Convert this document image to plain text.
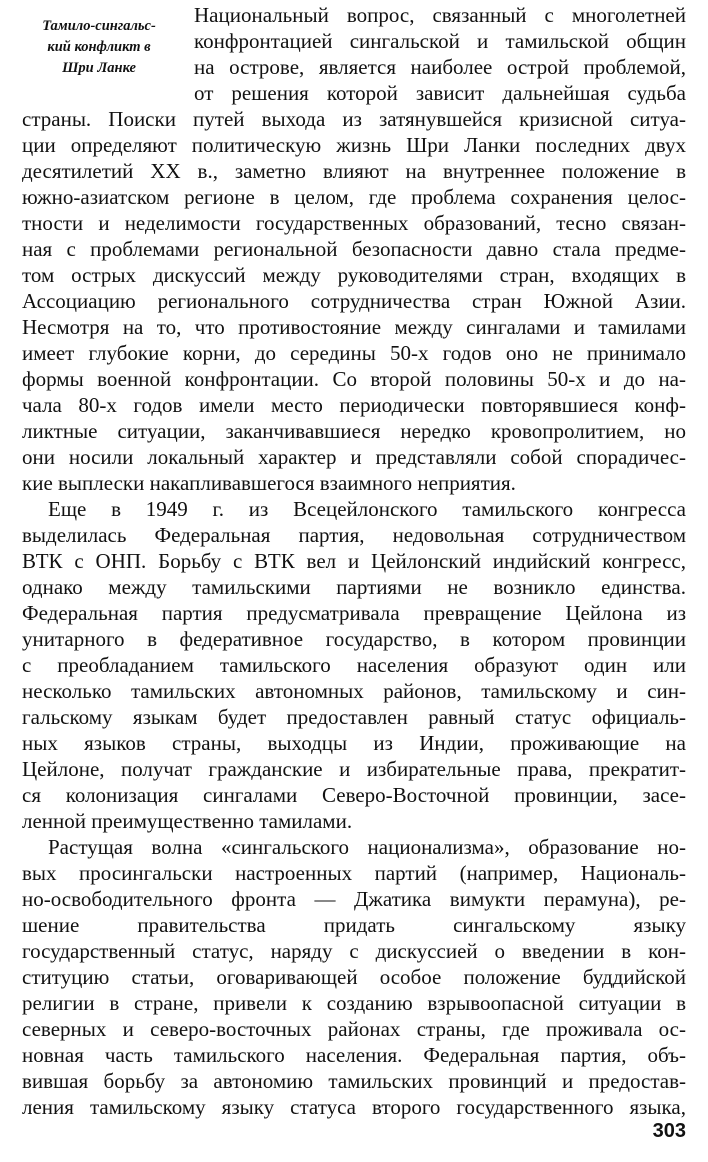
Тамило-сингальс-
кий конфликт в
Шри Ланке
Национальный вопрос, связанный с многолетней
конфронтацией сингальской и тамильской общин
на острове, является наиболее острой проблемой,
от решения которой зависит дальнейшая судьба
страны. Поиски путей выхода из затянувшейся кризисной ситуа-
ции определяют политическую жизнь Шри Ланки последних двух
десятилетий XX в., заметно влияют на внутреннее положение в
южно-азиатском регионе в целом, где проблема сохранения целос-
тности и неделимости государственных образований, тесно связан-
ная с проблемами региональной безопасности давно стала предме-
том острых дискуссий между руководителями стран, входящих в
Ассоциацию регионального сотрудничества стран Южной Азии.
Несмотря на то, что противостояние между сингалами и тамилами
имеет глубокие корни, до середины 50-х годов оно не принимало
формы военной конфронтации. Со второй половины 50-х и до на-
чала 80-х годов имели место периодически повторявшиеся конф-
ликтные ситуации, заканчивавшиеся нередко кровопролитием, но
они носили локальный характер и представляли собой спорадичес-
кие выплески накапливавшегося взаимного неприятия.
Еще в 1949 г. из Всецейлонского тамильского конгресса
выделилась Федеральная партия, недовольная сотрудничеством
ВТК с ОНП. Борьбу с ВТК вел и Цейлонский индийский конгресс,
однако между тамильскими партиями не возникло единства.
Федеральная партия предусматривала превращение Цейлона из
унитарного в федеративное государство, в котором провинции
с преобладанием тамильского населения образуют один или
несколько тамильских автономных районов, тамильскому и син-
гальскому языкам будет предоставлен равный статус официаль-
ных языков страны, выходцы из Индии, проживающие на
Цейлоне, получат гражданские и избирательные права, прекратит-
ся колонизация сингалами Северо-Восточной провинции, засе-
ленной преимущественно тамилами.
Растущая волна «сингальского национализма», образование но-
вых просингальски настроенных партий (например, Националь-
но-освободительного фронта — Джатика вимукти перамуна), ре-
шение правительства придать сингальскому языку
государственный статус, наряду с дискуссией о введении в кон-
ституцию статьи, оговаривающей особое положение буддийской
религии в стране, привели к созданию взрывоопасной ситуации в
северных и северо-восточных районах страны, где проживала ос-
новная часть тамильского населения. Федеральная партия, объ-
вившая борьбу за автономию тамильских провинций и предостав-
ления тамильскому языку статуса второго государственного языка,
303
